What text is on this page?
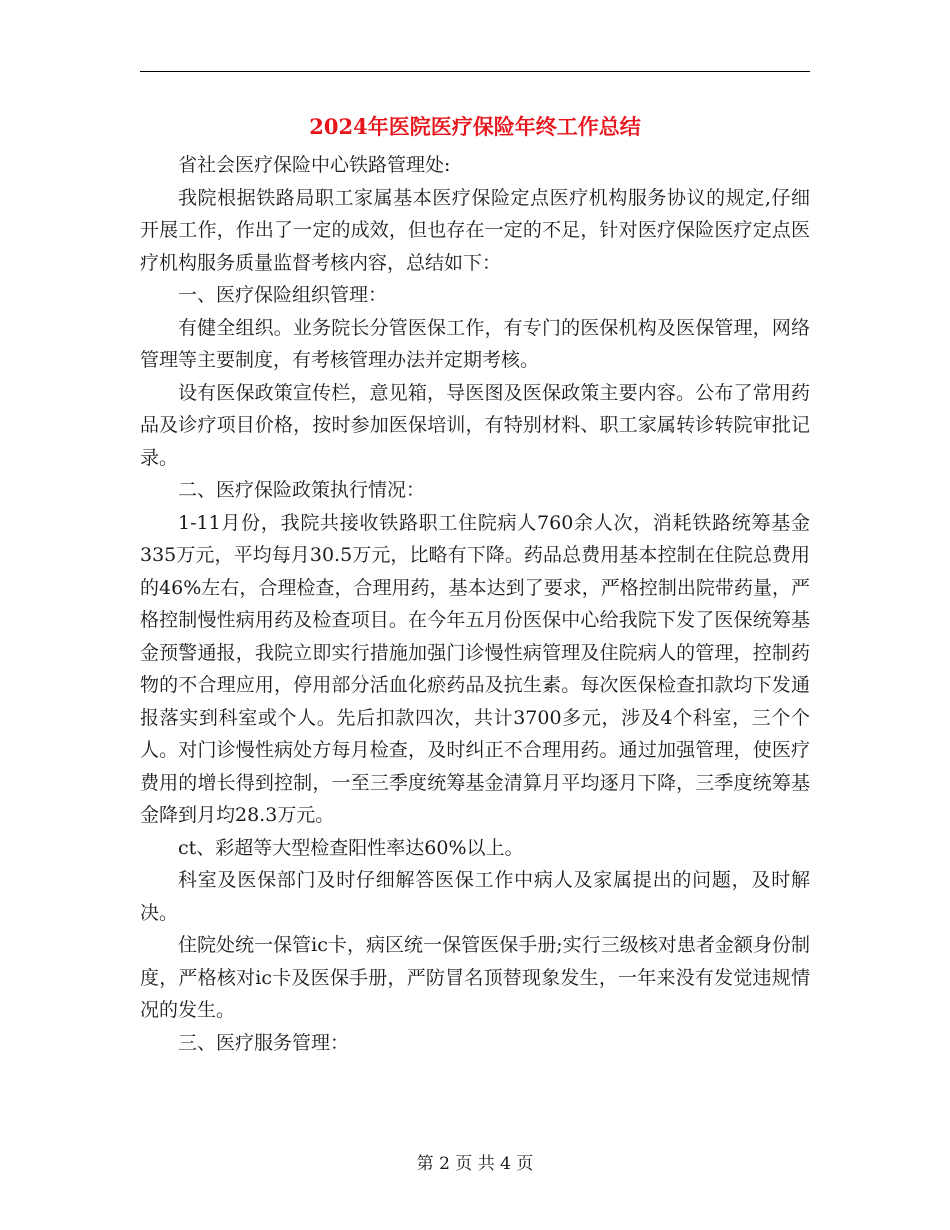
2024年医院医疗保险年终工作总结

省社会医疗保险中心铁路管理处:

我院根据铁路局职工家属基本医疗保险定点医疗机构服务协议的规定,仔细开展工作，作出了一定的成效，但也存在一定的不足，针对医疗保险医疗定点医疗机构服务质量监督考核内容，总结如下：

一、医疗保险组织管理：

有健全组织。业务院长分管医保工作，有专门的医保机构及医保管理，网络管理等主要制度，有考核管理办法并定期考核。

设有医保政策宣传栏，意见箱，导医图及医保政策主要内容。公布了常用药品及诊疗项目价格，按时参加医保培训，有特别材料、职工家属转诊转院审批记录。

二、医疗保险政策执行情况：

1-11月份，我院共接收铁路职工住院病人760余人次，消耗铁路统筹基金335万元，平均每月30.5万元，比略有下降。药品总费用基本控制在住院总费用的46%左右，合理检查，合理用药，基本达到了要求，严格控制出院带药量，严格控制慢性病用药及检查项目。在今年五月份医保中心给我院下发了医保统筹基金预警通报，我院立即实行措施加强门诊慢性病管理及住院病人的管理，控制药物的不合理应用，停用部分活血化瘀药品及抗生素。每次医保检查扣款均下发通报落实到科室或个人。先后扣款四次，共计3700多元，涉及4个科室，三个个人。对门诊慢性病处方每月检查，及时纠正不合理用药。通过加强管理，使医疗费用的增长得到控制，一至三季度统筹基金清算月平均逐月下降，三季度统筹基金降到月均28.3万元。

ct、彩超等大型检查阳性率达60%以上。

科室及医保部门及时仔细解答医保工作中病人及家属提出的问题，及时解决。

住院处统一保管ic卡，病区统一保管医保手册;实行三级核对患者金额身份制度，严格核对ic卡及医保手册，严防冒名顶替现象发生，一年来没有发觉违规情况的发生。

三、医疗服务管理：

第 2 页 共 4 页
